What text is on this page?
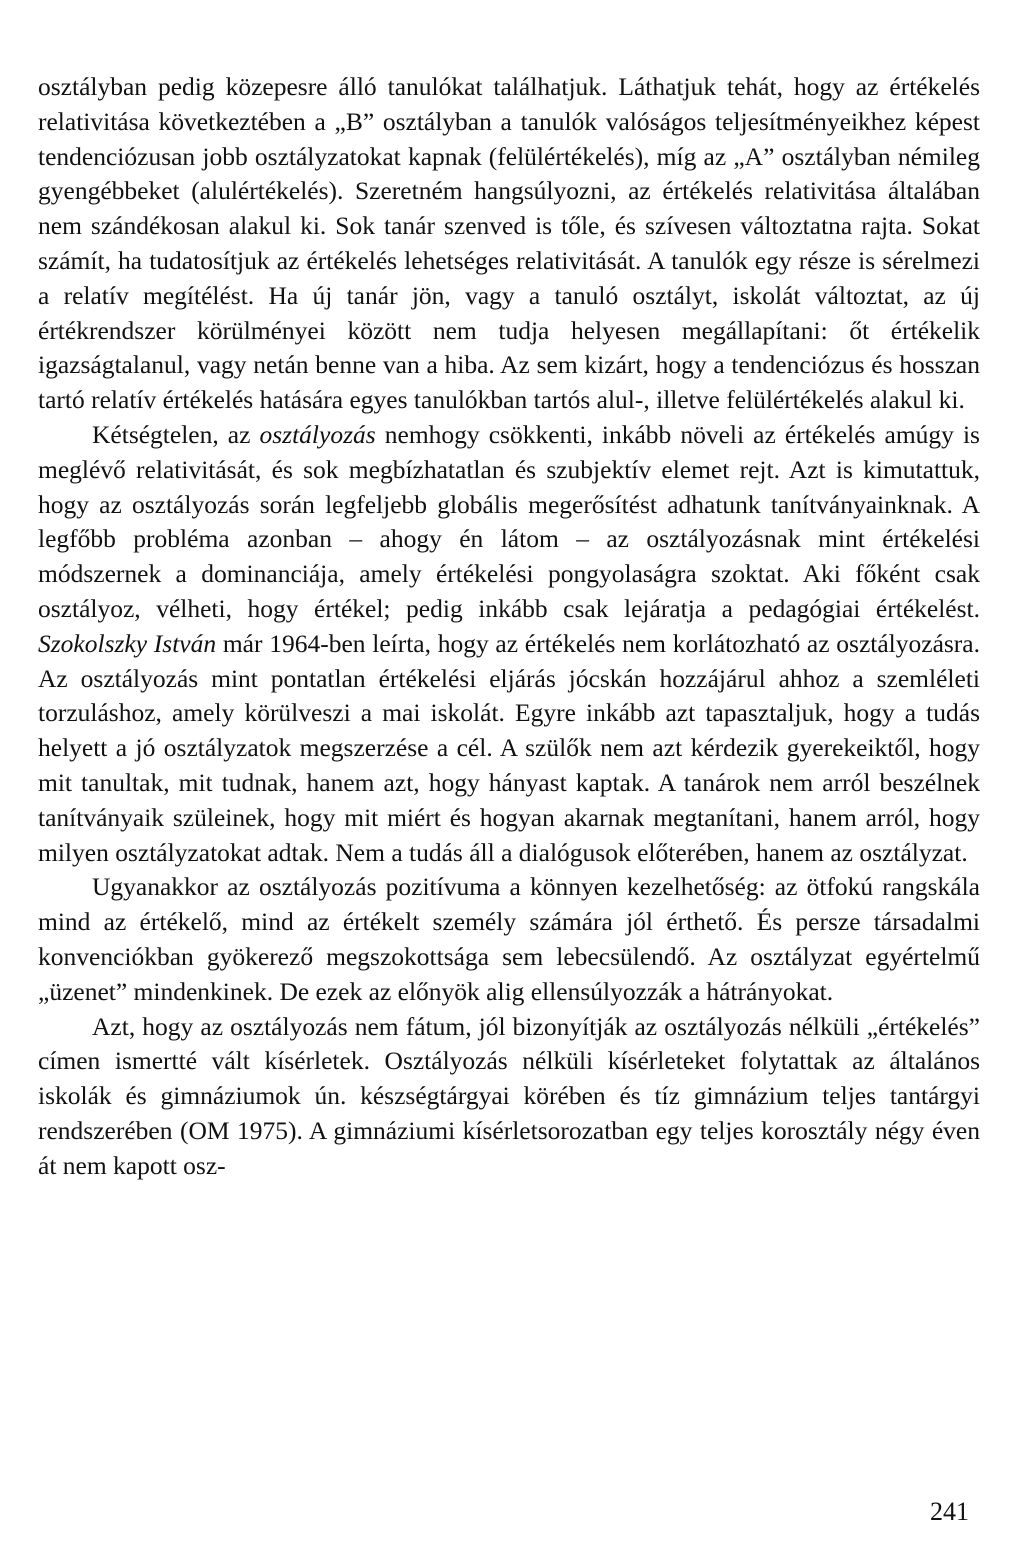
osztályban pedig közepesre álló tanulókat találhatjuk. Láthatjuk tehát, hogy az értékelés relativitása következtében a „B” osztályban a tanulók valóságos teljesítményeikhez képest tendenciózusan jobb osztályzatokat kapnak (felülértékelés), míg az „A” osztályban némileg gyengébbeket (alulértékelés). Szeretném hangsúlyozni, az értékelés relativitása általában nem szándékosan alakul ki. Sok tanár szenved is tőle, és szívesen változtatna rajta. Sokat számít, ha tudatosítjuk az értékelés lehetséges relativitását. A tanulók egy része is sérelmezi a relatív megítélést. Ha új tanár jön, vagy a tanuló osztályt, iskolát változtat, az új értékrendszer körülményei között nem tudja helyesen megállapítani: őt értékelik igazságtalanul, vagy netán benne van a hiba. Az sem kizárt, hogy a tendenciózus és hosszan tartó relatív értékelés hatására egyes tanulókban tartós alul-, illetve felülértékelés alakul ki.

Kétségtelen, az osztályozás nemhogy csökkenti, inkább növeli az értékelés amúgy is meglévő relativitását, és sok megbízhatatlan és szubjektív elemet rejt. Azt is kimutattuk, hogy az osztályozás során legfeljebb globális megerősítést adhatunk tanítványainknak. A legfőbb probléma azonban – ahogy én látom – az osztályozásnak mint értékelési módszernek a dominanciája, amely értékelési pongyolaságra szoktat. Aki főként csak osztályoz, vélheti, hogy értékel; pedig inkább csak lejáratja a pedagógiai értékelést. Szokolszky István már 1964-ben leírta, hogy az értékelés nem korlátozható az osztályozásra. Az osztályozás mint pontatlan értékelési eljárás jócskán hozzájárul ahhoz a szemléleti torzuláshoz, amely körülveszi a mai iskolát. Egyre inkább azt tapasztaljuk, hogy a tudás helyett a jó osztályzatok megszerzése a cél. A szülők nem azt kérdezik gyerekeiktől, hogy mit tanultak, mit tudnak, hanem azt, hogy hányast kaptak. A tanárok nem arról beszélnek tanítványaik szüleinek, hogy mit miért és hogyan akarnak megtanítani, hanem arról, hogy milyen osztályzatokat adtak. Nem a tudás áll a dialógusok előterében, hanem az osztályzat.

Ugyanakkor az osztályozás pozitívuma a könnyen kezelhetőség: az ötfokú rangskála mind az értékelő, mind az értékelt személy számára jól érthető. És persze társadalmi konvenciókban gyökerező megszokottsága sem lebecsülendő. Az osztályzat egyértelmű „üzenet” mindenkinek. De ezek az előnyök alig ellensúlyozzák a hátrányokat.

Azt, hogy az osztályozás nem fátum, jól bizonyítják az osztályozás nélküli „értékelés” címen ismertté vált kísérletek. Osztályozás nélküli kísérleteket folytattak az általános iskolák és gimnáziumok ún. készségtárgyai körében és tíz gimnázium teljes tantárgyi rendszerében (OM 1975). A gimnáziumi kísérletsorozatban egy teljes korosztály négy éven át nem kapott osz-

241
